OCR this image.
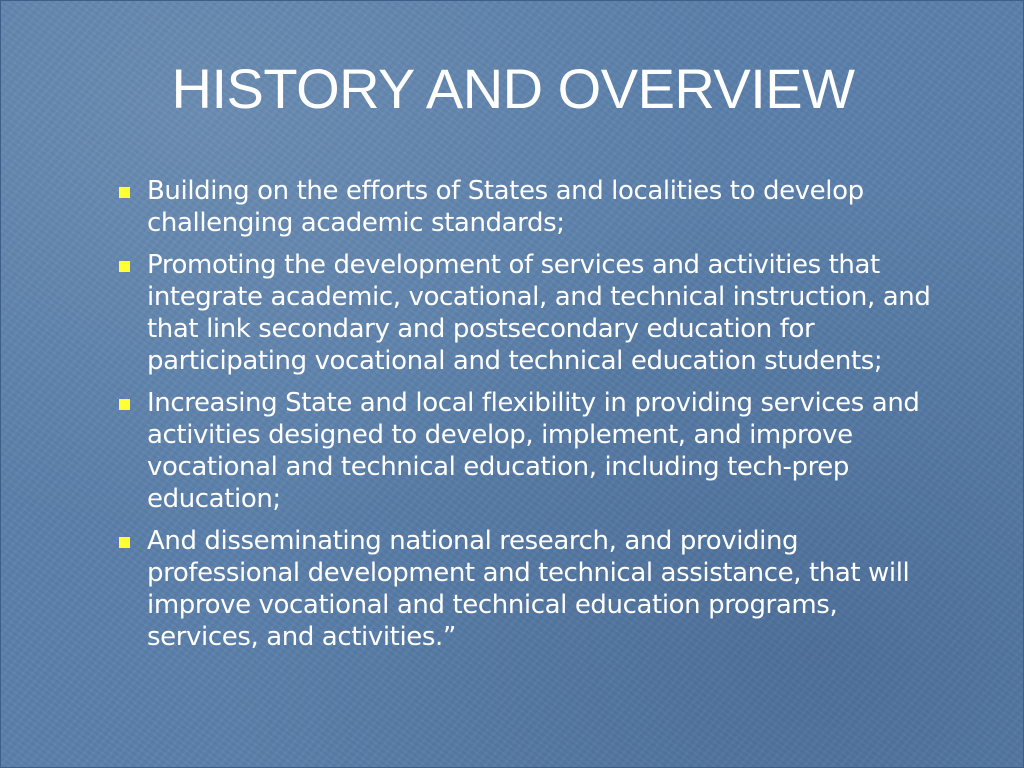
HISTORY AND OVERVIEW
Building on the efforts of States and localities to develop challenging academic standards;
Promoting the development of services and activities that integrate academic, vocational, and technical instruction, and that link secondary and postsecondary education for participating vocational and technical education students;
Increasing State and local flexibility in providing services and activities designed to develop, implement, and improve vocational and technical education, including tech-prep education;
And disseminating national research, and providing professional development and technical assistance, that will improve vocational and technical education programs, services, and activities.”
